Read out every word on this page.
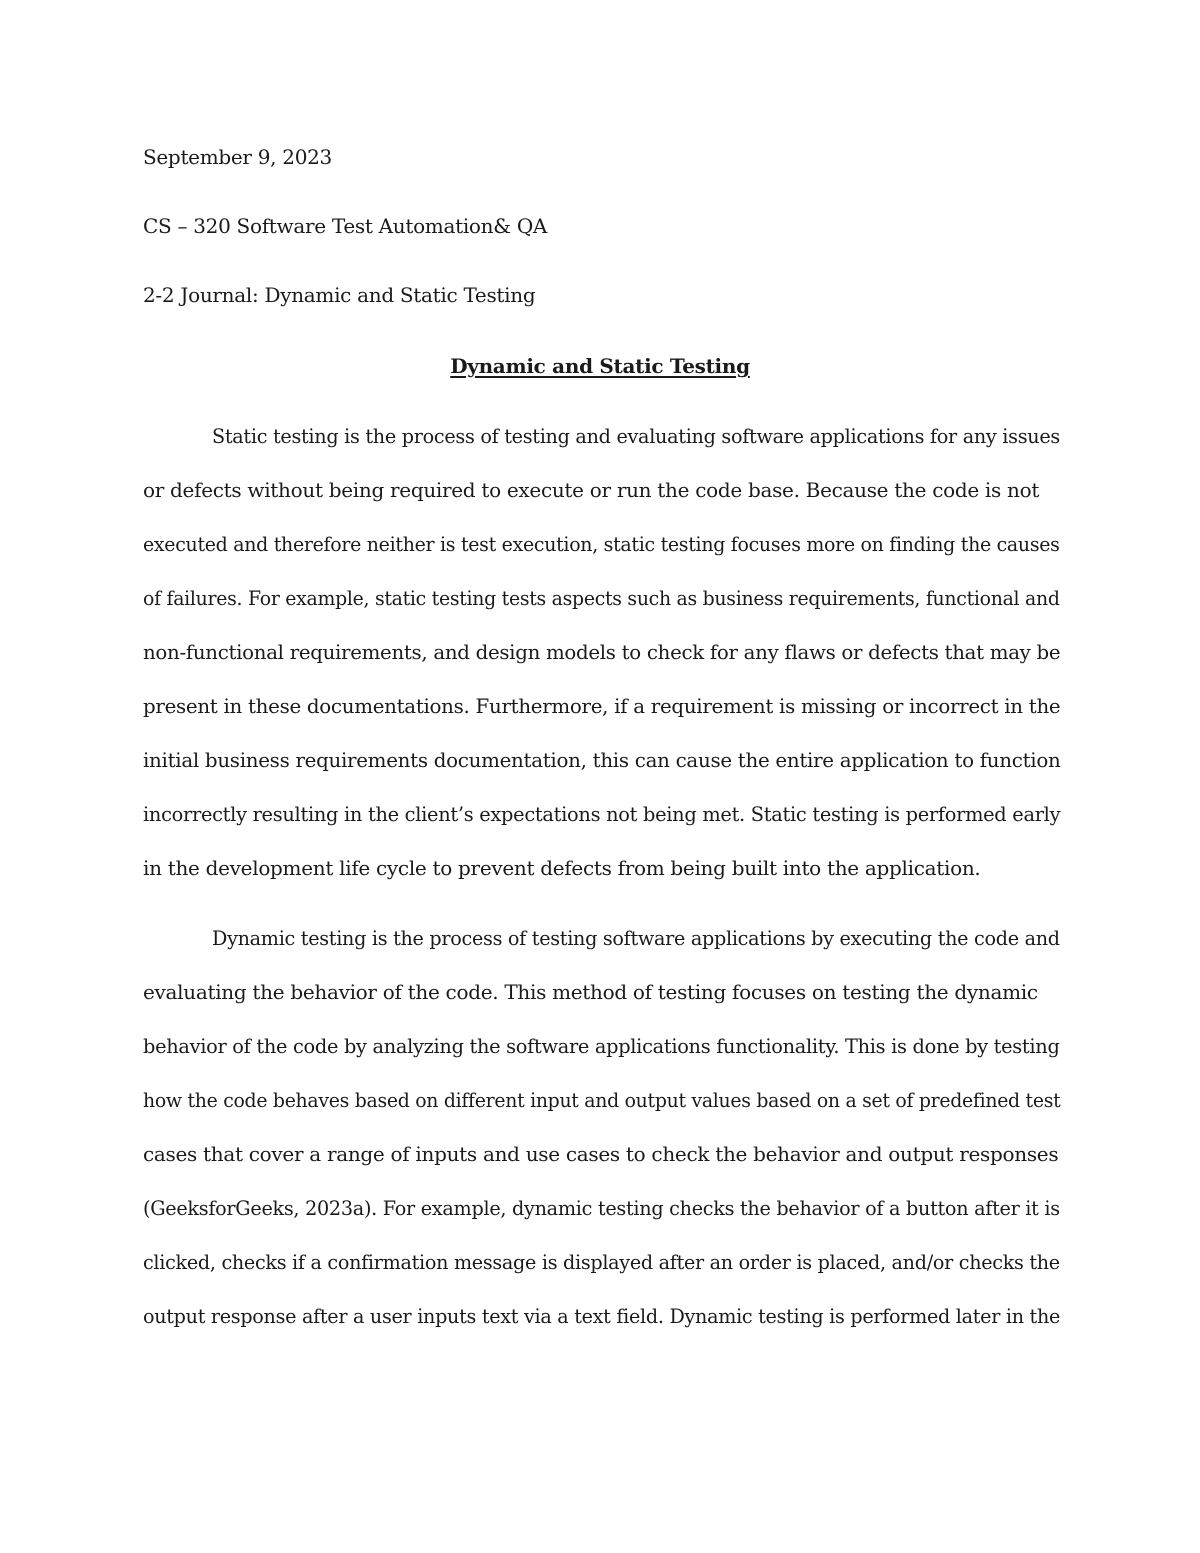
September 9, 2023
CS – 320 Software Test Automation& QA
2-2 Journal: Dynamic and Static Testing
Dynamic and Static Testing
Static testing is the process of testing and evaluating software applications for any issues
or defects without being required to execute or run the code base. Because the code is not
executed and therefore neither is test execution, static testing focuses more on finding the causes
of failures. For example, static testing tests aspects such as business requirements, functional and
non-functional requirements, and design models to check for any flaws or defects that may be
present in these documentations. Furthermore, if a requirement is missing or incorrect in the
initial business requirements documentation, this can cause the entire application to function
incorrectly resulting in the client’s expectations not being met. Static testing is performed early
in the development life cycle to prevent defects from being built into the application.
Dynamic testing is the process of testing software applications by executing the code and
evaluating the behavior of the code. This method of testing focuses on testing the dynamic
behavior of the code by analyzing the software applications functionality. This is done by testing
how the code behaves based on different input and output values based on a set of predefined test
cases that cover a range of inputs and use cases to check the behavior and output responses
(GeeksforGeeks, 2023a). For example, dynamic testing checks the behavior of a button after it is
clicked, checks if a confirmation message is displayed after an order is placed, and/or checks the
output response after a user inputs text via a text field. Dynamic testing is performed later in the
